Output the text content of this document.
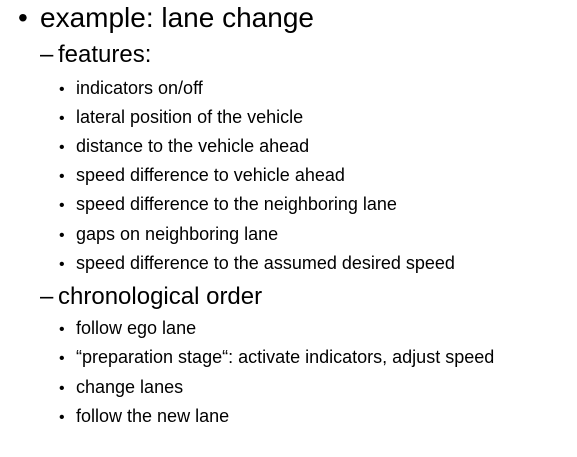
• example: lane change
– features:
• indicators on/off
• lateral position of the vehicle
• distance to the vehicle ahead
• speed difference to vehicle ahead
• speed difference to the neighboring lane
• gaps on neighboring lane
• speed difference to the assumed desired speed
– chronological order
• follow ego lane
• “preparation stage“: activate indicators, adjust speed
• change lanes
• follow the new lane
